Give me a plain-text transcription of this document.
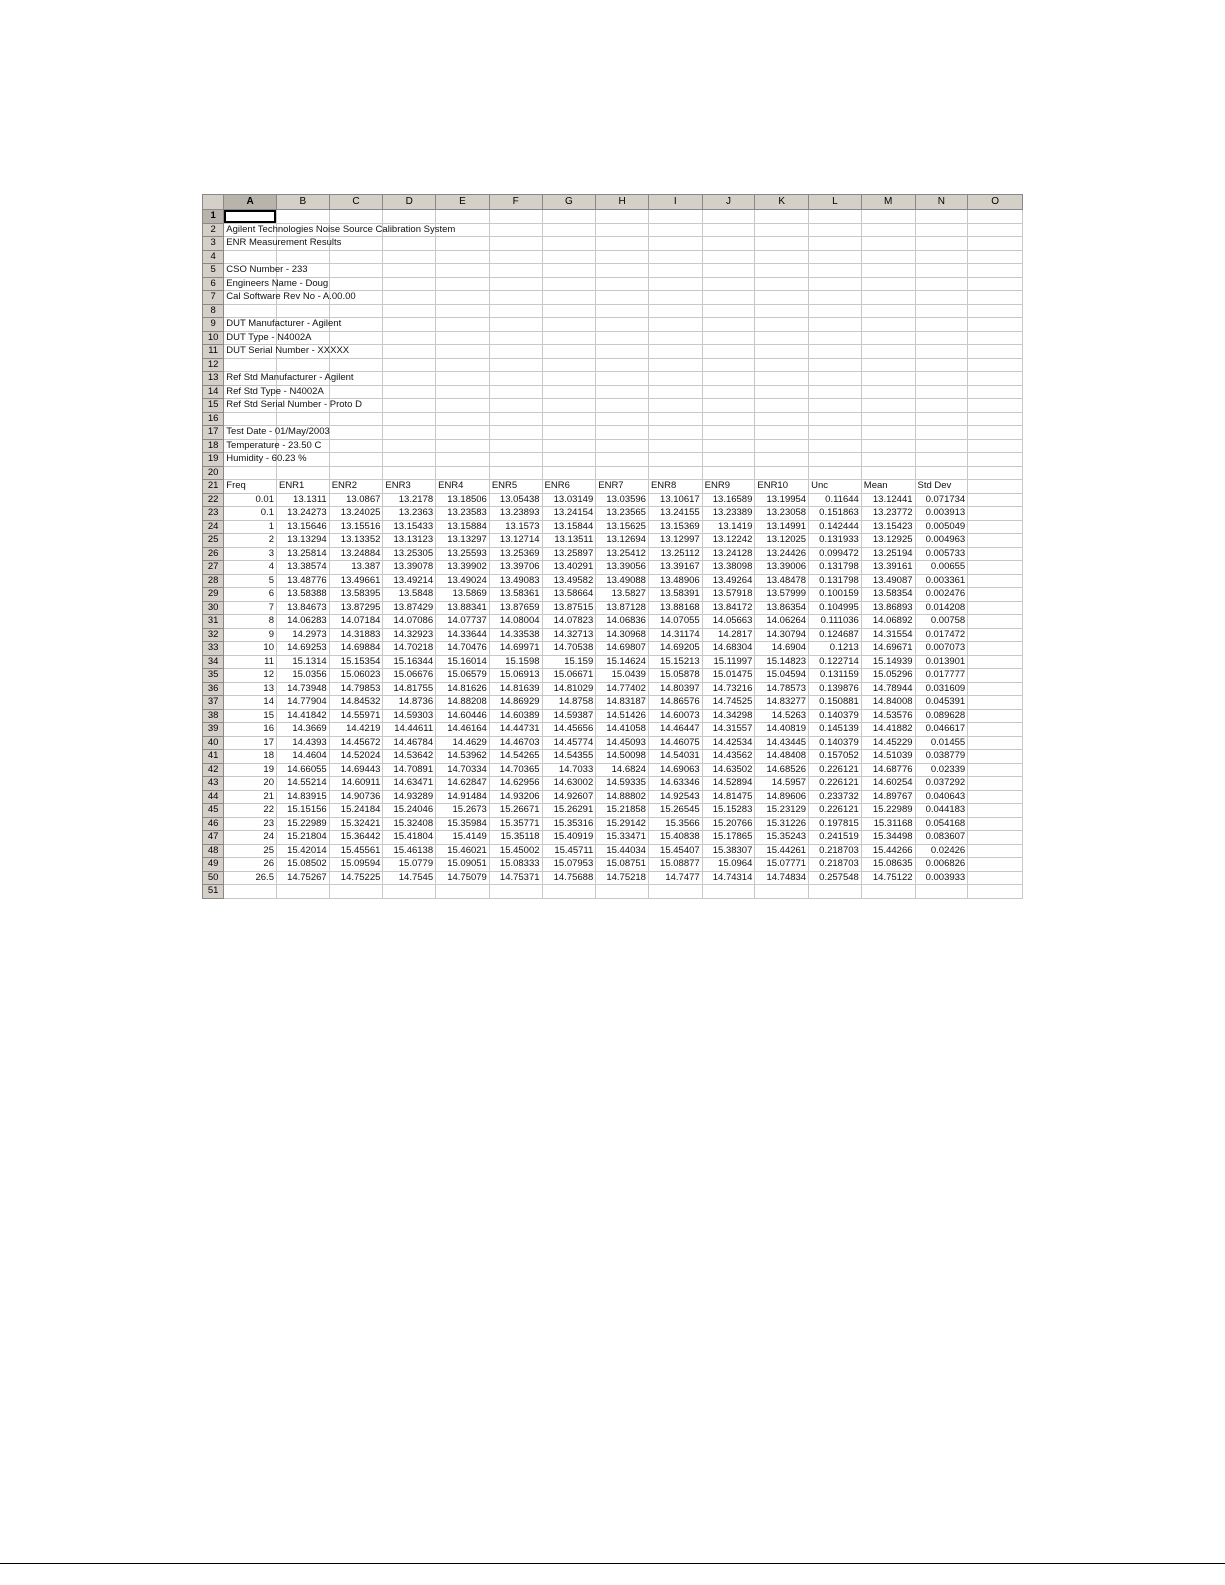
	A	B	C	D	E	F	G	H	I	J	K	L	M	N	O
1															
2	Agilent Technologies Noise Source Calibration System														
3	ENR Measurement Results														
4															
5	CSO Number - 233														
6	Engineers Name - Doug														
7	Cal Software Rev No - A.00.00														
8															
9	DUT Manufacturer - Agilent														
10	DUT Type - N4002A														
11	DUT Serial Number - XXXXX														
12															
13	Ref Std Manufacturer - Agilent														
14	Ref Std Type - N4002A														
15	Ref Std Serial Number - Proto D														
16															
17	Test Date - 01/May/2003														
18	Temperature - 23.50 C														
19	Humidity - 60.23 %														
20															
21	Freq	ENR1	ENR2	ENR3	ENR4	ENR5	ENR6	ENR7	ENR8	ENR9	ENR10	Unc	Mean	Std Dev	
22	0.01	13.1311	13.0867	13.2178	13.18506	13.05438	13.03149	13.03596	13.10617	13.16589	13.19954	0.11644	13.12441	0.071734	
23	0.1	13.24273	13.24025	13.2363	13.23583	13.23893	13.24154	13.23565	13.24155	13.23389	13.23058	0.151863	13.23772	0.003913	
24	1	13.15646	13.15516	13.15433	13.15884	13.1573	13.15844	13.15625	13.15369	13.1419	13.14991	0.142444	13.15423	0.005049	
25	2	13.13294	13.13352	13.13123	13.13297	13.12714	13.13511	13.12694	13.12997	13.12242	13.12025	0.131933	13.12925	0.004963	
26	3	13.25814	13.24884	13.25305	13.25593	13.25369	13.25897	13.25412	13.25112	13.24128	13.24426	0.099472	13.25194	0.005733	
27	4	13.38574	13.387	13.39078	13.39902	13.39706	13.40291	13.39056	13.39167	13.38098	13.39006	0.131798	13.39161	0.00655	
28	5	13.48776	13.49661	13.49214	13.49024	13.49083	13.49582	13.49088	13.48906	13.49264	13.48478	0.131798	13.49087	0.003361	
29	6	13.58388	13.58395	13.5848	13.5869	13.58361	13.58664	13.5827	13.58391	13.57918	13.57999	0.100159	13.58354	0.002476	
30	7	13.84673	13.87295	13.87429	13.88341	13.87659	13.87515	13.87128	13.88168	13.84172	13.86354	0.104995	13.86893	0.014208	
31	8	14.06283	14.07184	14.07086	14.07737	14.08004	14.07823	14.06836	14.07055	14.05663	14.06264	0.111036	14.06892	0.00758	
32	9	14.2973	14.31883	14.32923	14.33644	14.33538	14.32713	14.30968	14.31174	14.2817	14.30794	0.124687	14.31554	0.017472	
33	10	14.69253	14.69884	14.70218	14.70476	14.69971	14.70538	14.69807	14.69205	14.68304	14.6904	0.1213	14.69671	0.007073	
34	11	15.1314	15.15354	15.16344	15.16014	15.1598	15.159	15.14624	15.15213	15.11997	15.14823	0.122714	15.14939	0.013901	
35	12	15.0356	15.06023	15.06676	15.06579	15.06913	15.06671	15.0439	15.05878	15.01475	15.04594	0.131159	15.05296	0.017777	
36	13	14.73948	14.79853	14.81755	14.81626	14.81639	14.81029	14.77402	14.80397	14.73216	14.78573	0.139876	14.78944	0.031609	
37	14	14.77904	14.84532	14.8736	14.88208	14.86929	14.8758	14.83187	14.86576	14.74525	14.83277	0.150881	14.84008	0.045391	
38	15	14.41842	14.55971	14.59303	14.60446	14.60389	14.59387	14.51426	14.60073	14.34298	14.5263	0.140379	14.53576	0.089628	
39	16	14.3669	14.4219	14.44611	14.46164	14.44731	14.45656	14.41058	14.46447	14.31557	14.40819	0.145139	14.41882	0.046617	
40	17	14.4393	14.45672	14.46784	14.4629	14.46703	14.45774	14.45093	14.46075	14.42534	14.43445	0.140379	14.45229	0.01455	
41	18	14.4604	14.52024	14.53642	14.53962	14.54265	14.54355	14.50098	14.54031	14.43562	14.48408	0.157052	14.51039	0.038779	
42	19	14.66055	14.69443	14.70891	14.70334	14.70365	14.7033	14.6824	14.69063	14.63502	14.68526	0.226121	14.68776	0.02339	
43	20	14.55214	14.60911	14.63471	14.62847	14.62956	14.63002	14.59335	14.63346	14.52894	14.5957	0.226121	14.60254	0.037292	
44	21	14.83915	14.90736	14.93289	14.91484	14.93206	14.92607	14.88802	14.92543	14.81475	14.89606	0.233732	14.89767	0.040643	
45	22	15.15156	15.24184	15.24046	15.2673	15.26671	15.26291	15.21858	15.26545	15.15283	15.23129	0.226121	15.22989	0.044183	
46	23	15.22989	15.32421	15.32408	15.35984	15.35771	15.35316	15.29142	15.3566	15.20766	15.31226	0.197815	15.31168	0.054168	
47	24	15.21804	15.36442	15.41804	15.4149	15.35118	15.40919	15.33471	15.40838	15.17865	15.35243	0.241519	15.34498	0.083607	
48	25	15.42014	15.45561	15.46138	15.46021	15.45002	15.45711	15.44034	15.45407	15.38307	15.44261	0.218703	15.44266	0.02426	
49	26	15.08502	15.09594	15.0779	15.09051	15.08333	15.07953	15.08751	15.08877	15.0964	15.07771	0.218703	15.08635	0.006826	
50	26.5	14.75267	14.75225	14.7545	14.75079	14.75371	14.75688	14.75218	14.7477	14.74314	14.74834	0.257548	14.75122	0.003933	
51															
